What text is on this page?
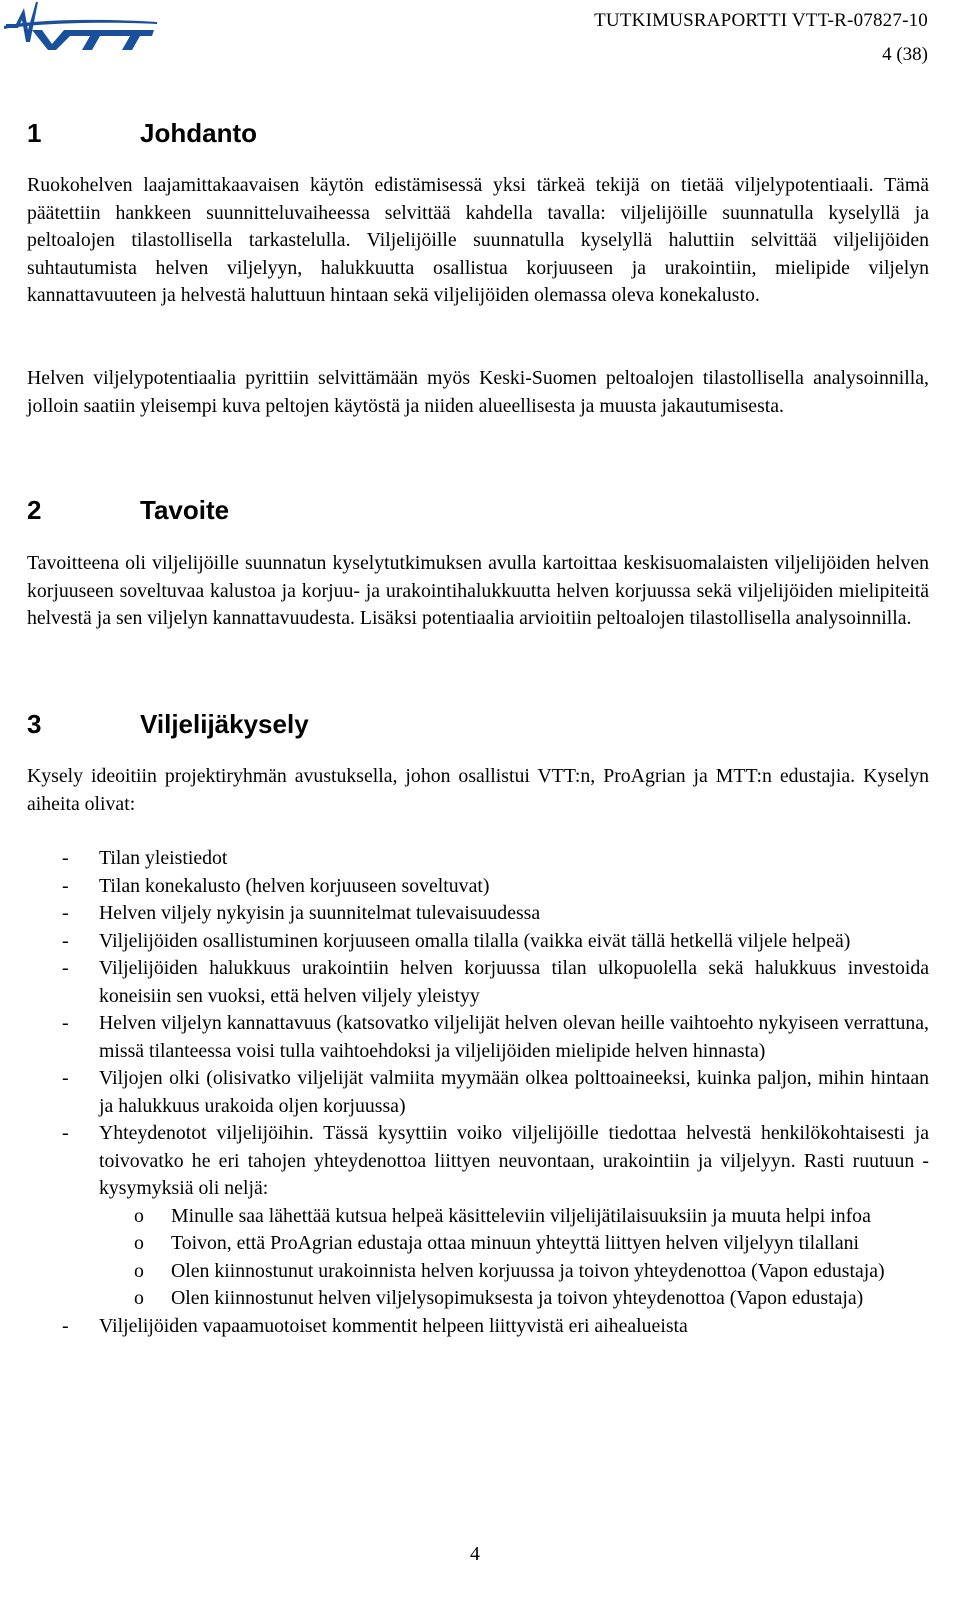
TUTKIMUSRAPORTTI VTT-R-07827-10
4 (38)
1	Johdanto

Ruokohelven laajamittakaavaisen käytön edistämisessä yksi tärkeä tekijä on tietää viljelypotentiaali. Tämä päätettiin hankkeen suunnitteluvaiheessa selvittää kahdella tavalla: viljelijöille suunnatulla kyselyllä ja peltoalojen tilastollisella tarkastelulla. Viljelijöille suunnatulla kyselyllä haluttiin selvittää viljelijöiden suhtautumista helven viljelyyn, halukkuutta osallistua korjuuseen ja urakointiin, mielipide viljelyn kannattavuuteen ja helvestä haluttuun hintaan sekä viljelijöiden olemassa oleva konekalusto.

Helven viljelypotentiaalia pyrittiin selvittämään myös Keski-Suomen peltoalojen tilastollisella analysoinnilla, jolloin saatiin yleisempi kuva peltojen käytöstä ja niiden alueellisesta ja muusta jakautumisesta.

2	Tavoite

Tavoitteena oli viljelijöille suunnatun kyselytutkimuksen avulla kartoittaa keskisuomalaisten viljelijöiden helven korjuuseen soveltuvaa kalustoa ja korjuu- ja urakointihalukkuutta helven korjuussa sekä viljelijöiden mielipiteitä helvestä ja sen viljelyn kannattavuudesta. Lisäksi potentiaalia arvioitiin peltoalojen tilastollisella analysoinnilla.

3	Viljelijäkysely

Kysely ideoitiin projektiryhmän avustuksella, johon osallistui VTT:n, ProAgrian ja MTT:n edustajia. Kyselyn aiheita olivat:

- Tilan yleistiedot
- Tilan konekalusto (helven korjuuseen soveltuvat)
- Helven viljely nykyisin ja suunnitelmat tulevaisuudessa
- Viljelijöiden osallistuminen korjuuseen omalla tilalla (vaikka eivät tällä hetkellä viljele helpeä)
- Viljelijöiden halukkuus urakointiin helven korjuussa tilan ulkopuolella sekä halukkuus investoida koneisiin sen vuoksi, että helven viljely yleistyy
- Helven viljelyn kannattavuus (katsovatko viljelijät helven olevan heille vaihtoehto nykyiseen verrattuna, missä tilanteessa voisi tulla vaihtoehdoksi ja viljelijöiden mielipide helven hinnasta)
- Viljojen olki (olisivatko viljelijät valmiita myymään olkea polttoaineeksi, kuinka paljon, mihin hintaan ja halukkuus urakoida oljen korjuussa)
- Yhteydenotot viljelijöihin. Tässä kysyttiin voiko viljelijöille tiedottaa helvestä henkilökohtaisesti ja toivovatko he eri tahojen yhteydenottoa liittyen neuvontaan, urakointiin ja viljelyyn. Rasti ruutuun -kysymyksiä oli neljä:
o Minulle saa lähettää kutsua helpeä käsitteleviin viljelijätilaisuuksiin ja muuta helpi infoa
o Toivon, että ProAgrian edustaja ottaa minuun yhteyttä liittyen helven viljelyyn tilallani
o Olen kiinnostunut urakoinnista helven korjuussa ja toivon yhteydenottoa (Vapon edustaja)
o Olen kiinnostunut helven viljelysopimuksesta ja toivon yhteydenottoa (Vapon edustaja)
- Viljelijöiden vapaamuotoiset kommentit helpeen liittyvistä eri aihealueista
4
